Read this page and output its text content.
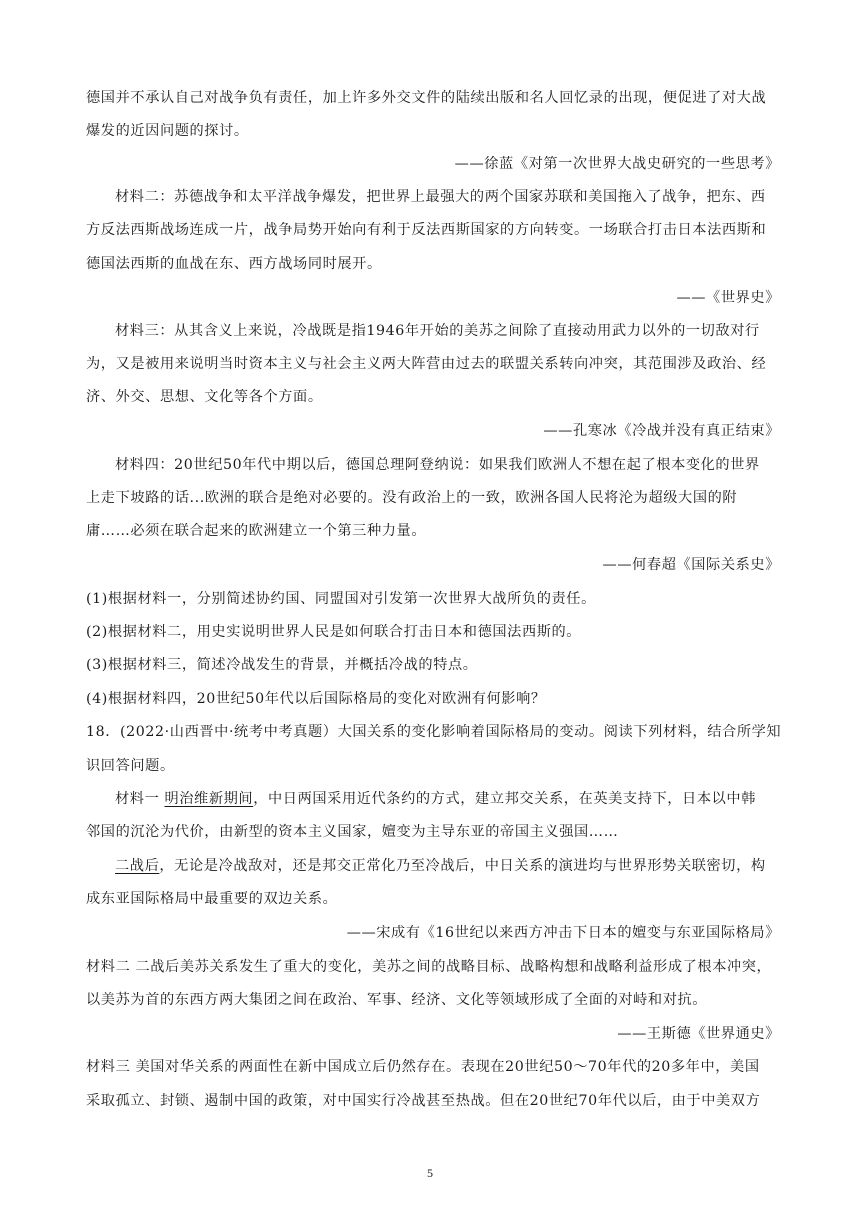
德国并不承认自己对战争负有责任，加上许多外交文件的陆续出版和名人回忆录的出现，便促进了对大战
爆发的近因问题的探讨。
——徐蓝《对第一次世界大战史研究的一些思考》
材料二：苏德战争和太平洋战争爆发，把世界上最强大的两个国家苏联和美国拖入了战争，把东、西
方反法西斯战场连成一片，战争局势开始向有利于反法西斯国家的方向转变。一场联合打击日本法西斯和
德国法西斯的血战在东、西方战场同时展开。
——《世界史》
材料三：从其含义上来说，冷战既是指1946年开始的美苏之间除了直接动用武力以外的一切敌对行
为，又是被用来说明当时资本主义与社会主义两大阵营由过去的联盟关系转向冲突，其范围涉及政治、经
济、外交、思想、文化等各个方面。
——孔寒冰《冷战并没有真正结束》
材料四：20世纪50年代中期以后，德国总理阿登纳说：如果我们欧洲人不想在起了根本变化的世界
上走下坡路的话...欧洲的联合是绝对必要的。没有政治上的一致，欧洲各国人民将沦为超级大国的附
庸……必须在联合起来的欧洲建立一个第三种力量。
——何春超《国际关系史》
(1)根据材料一，分别简述协约国、同盟国对引发第一次世界大战所负的责任。
(2)根据材料二，用史实说明世界人民是如何联合打击日本和德国法西斯的。
(3)根据材料三，简述冷战发生的背景，并概括冷战的特点。
(4)根据材料四，20世纪50年代以后国际格局的变化对欧洲有何影响？
18．(2022·山西晋中·统考中考真题）大国关系的变化影响着国际格局的变动。阅读下列材料，结合所学知
识回答问题。
材料一 明治维新期间，中日两国采用近代条约的方式，建立邦交关系，在英美支持下，日本以中韩
邻国的沉沦为代价，由新型的资本主义国家，嬗变为主导东亚的帝国主义强国……
二战后，无论是冷战敌对，还是邦交正常化乃至冷战后，中日关系的演进均与世界形势关联密切，构
成东亚国际格局中最重要的双边关系。
——宋成有《16世纪以来西方冲击下日本的嬗变与东亚国际格局》
材料二 二战后美苏关系发生了重大的变化，美苏之间的战略目标、战略构想和战略利益形成了根本冲突，
以美苏为首的东西方两大集团之间在政治、军事、经济、文化等领域形成了全面的对峙和对抗。
——王斯德《世界通史》
材料三 美国对华关系的两面性在新中国成立后仍然存在。表现在20世纪50～70年代的20多年中，美国
采取孤立、封锁、遏制中国的政策，对中国实行冷战甚至热战。但在20世纪70年代以后，由于中美双方
5
